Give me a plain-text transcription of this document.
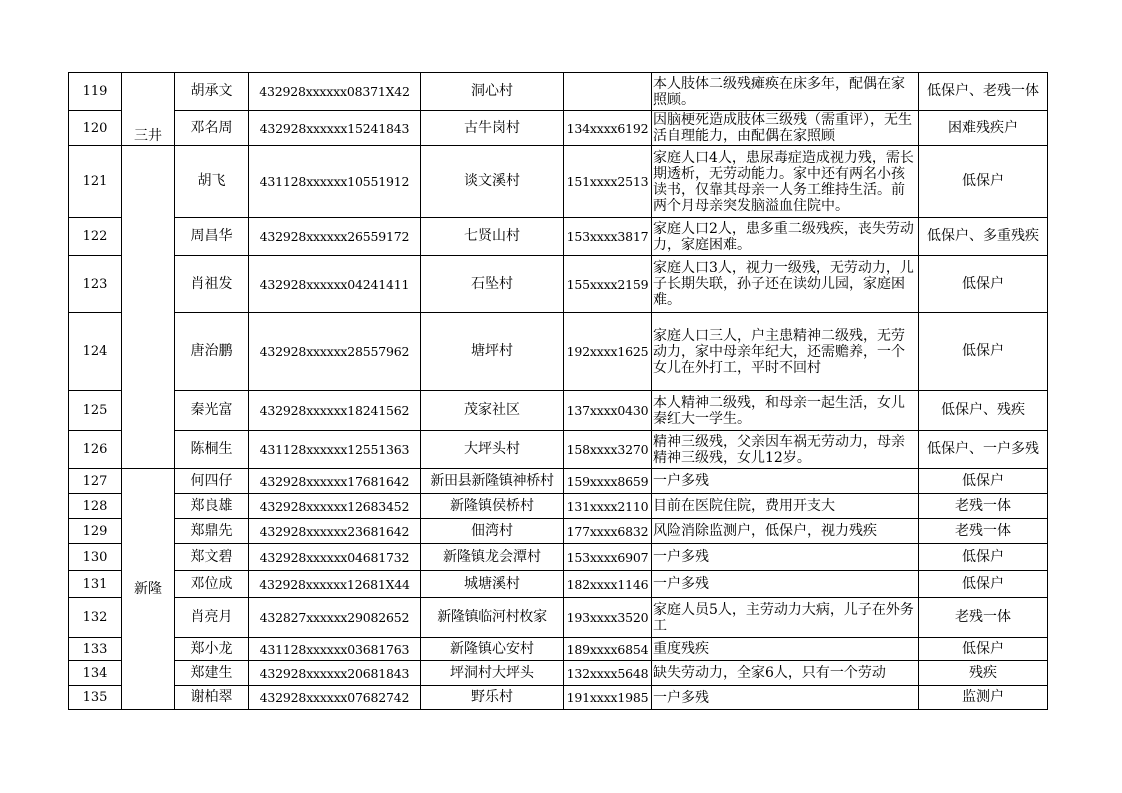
119	三井	胡承文	432928xxxxxx08371X42	洞心村		本人肢体二级残瘫痪在床多年，配偶在家照顾。	低保户、老残一体
120		邓名周	432928xxxxxx15241843	古牛岗村	134xxxx6192	因脑梗死造成肢体三级残（需重评），无生活自理能力，由配偶在家照顾	困难残疾户
121		胡飞	431128xxxxxx10551912	谈文溪村	151xxxx2513	家庭人口4人，患尿毒症造成视力残，需长期透析，无劳动能力。家中还有两名小孩读书，仅靠其母亲一人务工维持生活。前两个月母亲突发脑溢血住院中。	低保户
122		周昌华	432928xxxxxx26559172	七贤山村	153xxxx3817	家庭人口2人，患多重二级残疾，丧失劳动力，家庭困难。	低保户、多重残疾
123		肖祖发	432928xxxxxx04241411	石坠村	155xxxx2159	家庭人口3人，视力一级残，无劳动力，儿子长期失联，孙子还在读幼儿园，家庭困难。	低保户
124		唐治鹏	432928xxxxxx28557962	塘坪村	192xxxx1625	家庭人口三人，户主患精神二级残，无劳动力，家中母亲年纪大，还需赡养，一个女儿在外打工，平时不回村	低保户
125		秦光富	432928xxxxxx18241562	茂家社区	137xxxx0430	本人精神二级残，和母亲一起生活，女儿秦红大一学生。	低保户、残疾
126		陈桐生	431128xxxxxx12551363	大坪头村	158xxxx3270	精神三级残，父亲因车祸无劳动力，母亲精神三级残，女儿12岁。	低保户、一户多残
127	新隆	何四仔	432928xxxxxx17681642	新田县新隆镇神桥村	159xxxx8659	一户多残	低保户
128		郑良雄	432928xxxxxx12683452	新隆镇侯桥村	131xxxx2110	目前在医院住院，费用开支大	老残一体
129		郑鼎先	432928xxxxxx23681642	佃湾村	177xxxx6832	风险消除监测户，低保户，视力残疾	老残一体
130		郑文碧	432928xxxxxx04681732	新隆镇龙会潭村	153xxxx6907	一户多残	低保户
131		邓位成	432928xxxxxx12681X44	城塘溪村	182xxxx1146	一户多残	低保户
132		肖亮月	432827xxxxxx29082652	新隆镇临河村枚家	193xxxx3520	家庭人员5人，主劳动力大病，儿子在外务工	老残一体
133		郑小龙	431128xxxxxx03681763	新隆镇心安村	189xxxx6854	重度残疾	低保户
134		郑建生	432928xxxxxx20681843	坪洞村大坪头	132xxxx5648	缺失劳动力，全家6人，只有一个劳动	残疾
135		谢柏翠	432928xxxxxx07682742	野乐村	191xxxx1985	一户多残	监测户
